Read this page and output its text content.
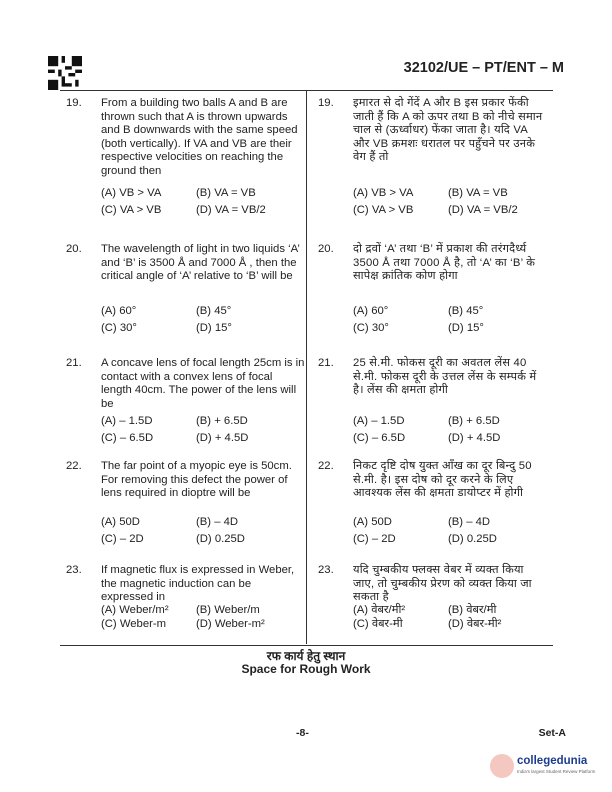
32102/UE – PT/ENT – M
19. From a building two balls A and B are thrown such that A is thrown upwards and B downwards with the same speed (both vertically). If VA and VB are their respective velocities on reaching the ground then
(A) VB > VA	(B) VA = VB
(C) VA > VB	(D) VA = VB/2
19. इमारत से दो गेंदें A और B इस प्रकार फेंकी जाती हैं कि A को ऊपर तथा B को नीचे समान चाल से (ऊर्ध्वाधर) फेंका जाता है। यदि VA और VB क्रमशः धरातल पर पहुँचने पर उनके वेग हैं तो
(A) VB > VA	(B) VA = VB
(C) VA > VB	(D) VA = VB/2
20. The wavelength of light in two liquids ‘A’ and ‘B’ is 3500 Å and 7000 Å , then the critical angle of ‘A’ relative to ‘B’ will be
(A) 60°	(B) 45°
(C) 30°	(D) 15°
20. दो द्रवों ‘A’ तथा ‘B’ में प्रकाश की तरंगदैर्ध्य 3500 Å तथा 7000 Å है, तो ‘A’ का ‘B’ के सापेक्ष क्रांतिक कोण होगा
(A) 60°	(B) 45°
(C) 30°	(D) 15°
21. A concave lens of focal length 25cm is in contact with a convex lens of focal length 40cm. The power of the lens will be
(A) – 1.5D	(B) + 6.5D
(C) – 6.5D	(D) + 4.5D
21. 25 से.मी. फोकस दूरी का अवतल लेंस 40 से.मी. फोकस दूरी के उत्तल लेंस के सम्पर्क में है। लेंस की क्षमता होगी
(A) – 1.5D	(B) + 6.5D
(C) – 6.5D	(D) + 4.5D
22. The far point of a myopic eye is 50cm. For removing this defect the power of lens required in dioptre will be
(A) 50D	(B) – 4D
(C) – 2D	(D) 0.25D
22. निकट दृष्टि दोष युक्त आँख का दूर बिन्दु 50 से.मी. है। इस दोष को दूर करने के लिए आवश्यक लेंस की क्षमता डायोप्टर में होगी
(A) 50D	(B) – 4D
(C) – 2D	(D) 0.25D
23. If magnetic flux is expressed in Weber, the magnetic induction can be expressed in
(A) Weber/m²	(B) Weber/m
(C) Weber-m	(D) Weber-m²
23. यदि चुम्बकीय फ्लक्स वेबर में व्यक्त किया जाए, तो चुम्बकीय प्रेरण को व्यक्त किया जा सकता है
(A) वेबर/मी²	(B) वेबर/मी
(C) वेबर-मी	(D) वेबर-मी²
रफ कार्य हेतु स्थान
Space for Rough Work
-8-	Set-A
collegedunia
India's largest Student Review Platform
